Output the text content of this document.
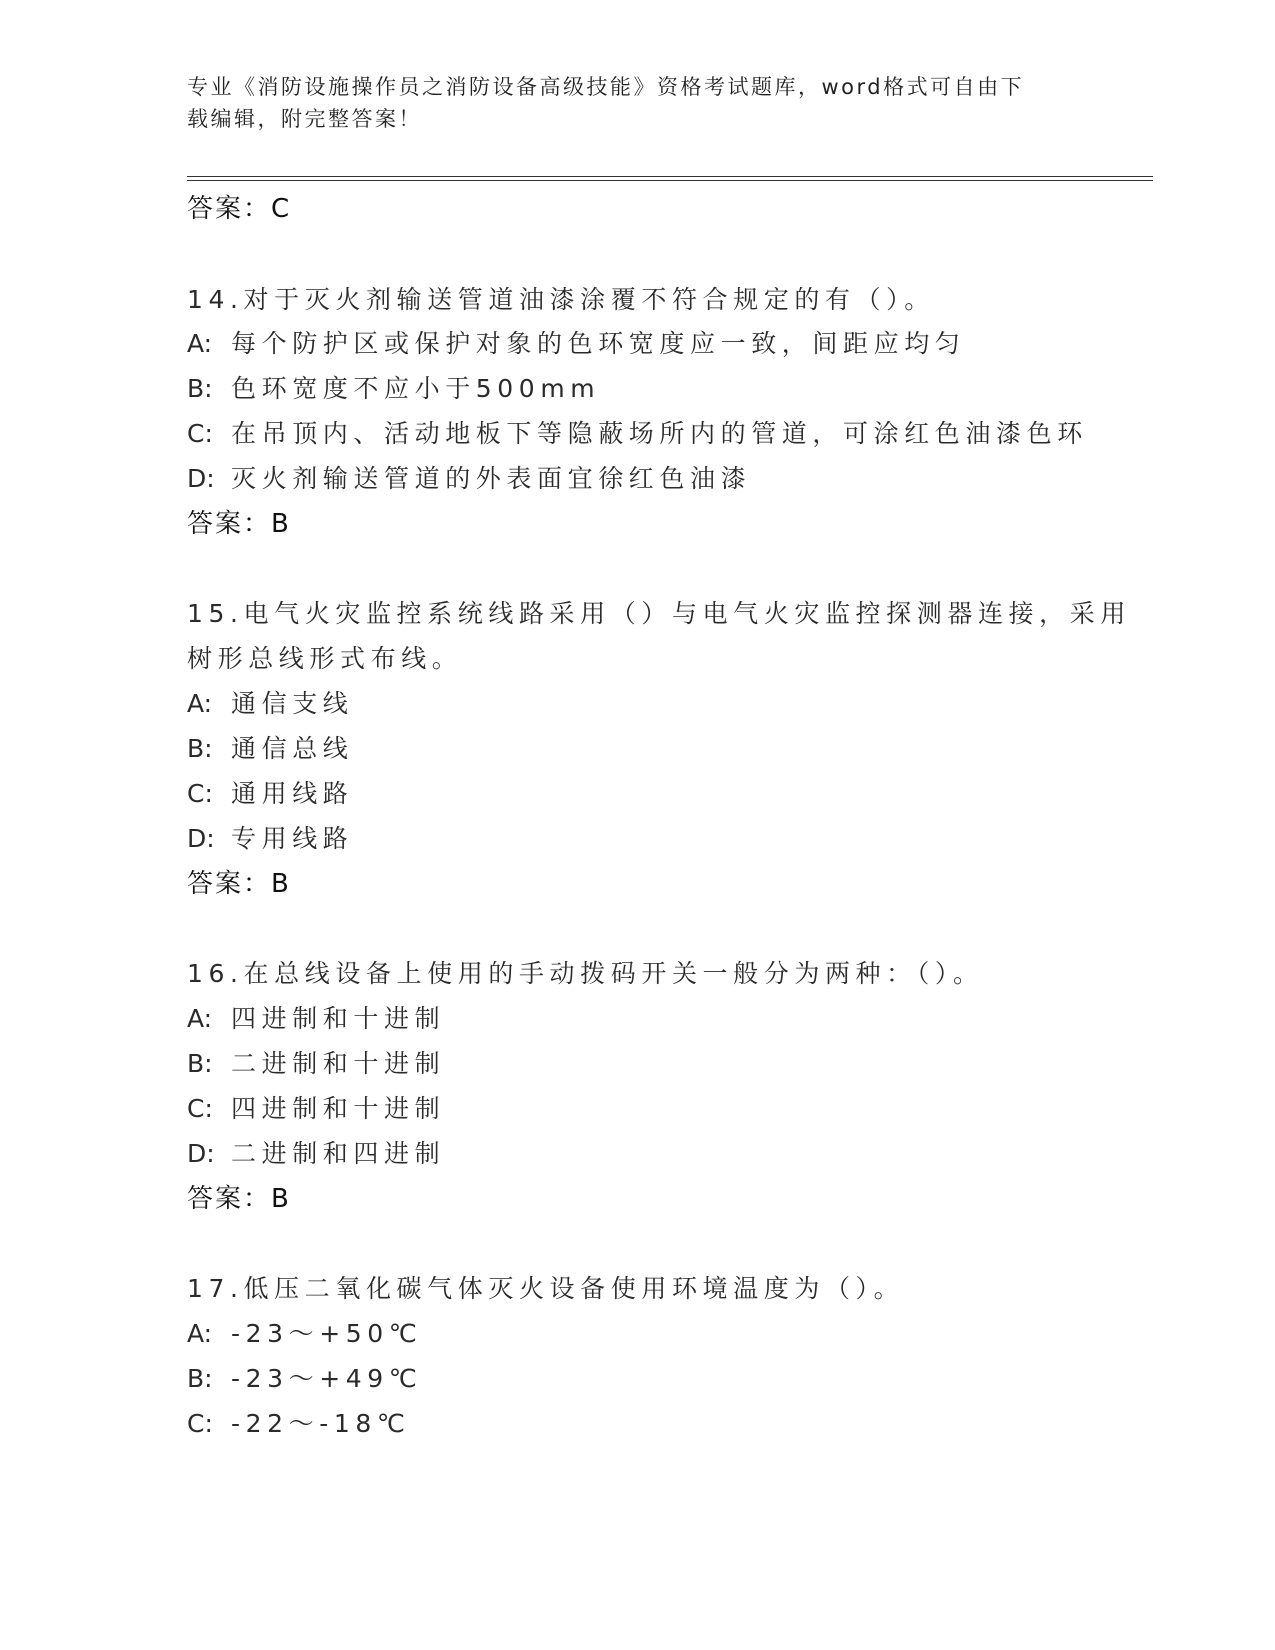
专业《消防设施操作员之消防设备高级技能》资格考试题库，word格式可自由下
载编辑，附完整答案！
答案：C
14.对于灭火剂输送管道油漆涂覆不符合规定的有（）。
A: 每个防护区或保护对象的色环宽度应一致，间距应均匀
B: 色环宽度不应小于500mm
C: 在吊顶内、活动地板下等隐蔽场所内的管道，可涂红色油漆色环
D: 灭火剂输送管道的外表面宜徐红色油漆
答案：B
15.电气火灾监控系统线路采用（）与电气火灾监控探测器连接，采用
树形总线形式布线。
A: 通信支线
B: 通信总线
C: 通用线路
D: 专用线路
答案：B
16.在总线设备上使用的手动拨码开关一般分为两种：（）。
A: 四进制和十进制
B: 二进制和十进制
C: 四进制和十进制
D: 二进制和四进制
答案：B
17.低压二氧化碳气体灭火设备使用环境温度为（）。
A: -23～+50℃
B: -23～+49℃
C: -22～-18℃
